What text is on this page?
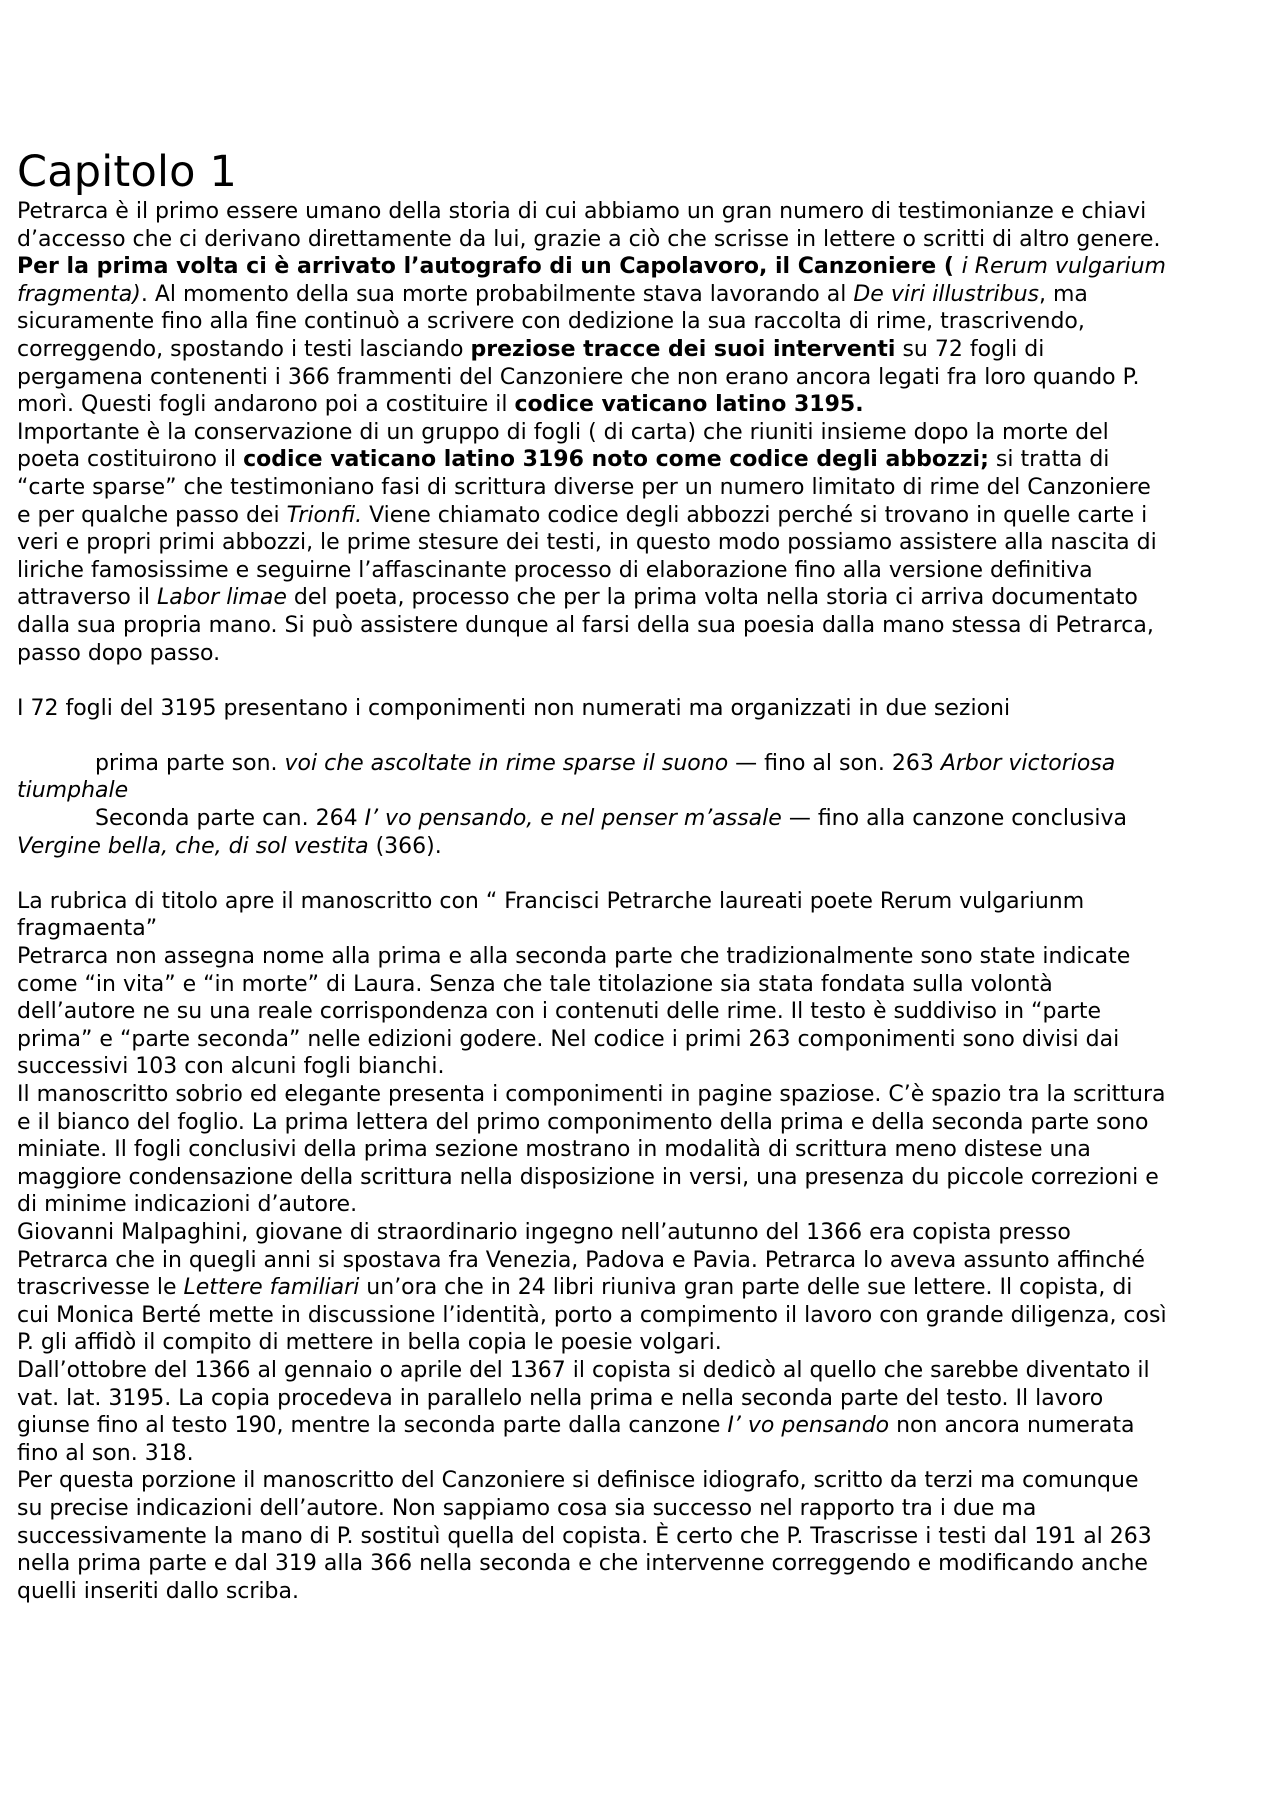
Capitolo 1

Petrarca è il primo essere umano della storia di cui abbiamo un gran numero di testimonianze e chiavi d’accesso che ci derivano direttamente da lui, grazie a ciò che scrisse in lettere o scritti di altro genere. Per la prima volta ci è arrivato l’autografo di un Capolavoro, il Canzoniere ( i Rerum vulgarium fragmenta). Al momento della sua morte probabilmente stava lavorando al De viri illustribus, ma sicuramente fino alla fine continuò a scrivere con dedizione la sua raccolta di rime, trascrivendo, correggendo, spostando i testi lasciando preziose tracce dei suoi interventi su 72 fogli di pergamena contenenti i 366 frammenti del Canzoniere che non erano ancora legati fra loro quando P. morì. Questi fogli andarono poi a costituire il codice vaticano latino 3195.

Importante è la conservazione di un gruppo di fogli ( di carta) che riuniti insieme dopo la morte del poeta costituirono il codice vaticano latino 3196 noto come codice degli abbozzi; si tratta di “carte sparse” che testimoniano fasi di scrittura diverse per un numero limitato di rime del Canzoniere e per qualche passo dei Trionfi. Viene chiamato codice degli abbozzi perché si trovano in quelle carte i veri e propri primi abbozzi, le prime stesure dei testi, in questo modo possiamo assistere alla nascita di liriche famosissime e seguirne l’affascinante processo di elaborazione fino alla versione definitiva attraverso il Labor limae del poeta, processo che per la prima volta nella storia ci arriva documentato dalla sua propria mano. Si può assistere dunque al farsi della sua poesia dalla mano stessa di Petrarca, passo dopo passo.

I 72 fogli del 3195 presentano i componimenti non numerati ma organizzati in due sezioni

prima parte son. voi che ascoltate in rime sparse il suono — fino al son. 263 Arbor victoriosa tiumphale

Seconda parte can. 264 I’ vo pensando, e nel penser m’assale — fino alla canzone conclusiva Vergine bella, che, di sol vestita (366).

La rubrica di titolo apre il manoscritto con “ Francisci Petrarche laureati poete Rerum vulgariunm fragmaenta”

Petrarca non assegna nome alla prima e alla seconda parte che tradizionalmente sono state indicate come “in vita” e “in morte” di Laura. Senza che tale titolazione sia stata fondata sulla volontà dell’autore ne su una reale corrispondenza con i contenuti delle rime. Il testo è suddiviso in “parte prima” e “parte seconda” nelle edizioni godere. Nel codice i primi 263 componimenti sono divisi dai successivi 103 con alcuni fogli bianchi.

Il manoscritto sobrio ed elegante presenta i componimenti in pagine spaziose. C’è spazio tra la scrittura e il bianco del foglio. La prima lettera del primo componimento della prima e della seconda parte sono miniate. Il fogli conclusivi della prima sezione mostrano in modalità di scrittura meno distese una maggiore condensazione della scrittura nella disposizione in versi, una presenza du piccole correzioni e di minime indicazioni d’autore.

Giovanni Malpaghini, giovane di straordinario ingegno nell’autunno del 1366 era copista presso Petrarca che in quegli anni si spostava fra Venezia, Padova e Pavia. Petrarca lo aveva assunto affinché trascrivesse le Lettere familiari un’ora che in 24 libri riuniva gran parte delle sue lettere. Il copista, di cui Monica Berté mette in discussione l’identità, porto a compimento il lavoro con grande diligenza, così P. gli affidò il compito di mettere in bella copia le poesie volgari.

Dall’ottobre del 1366 al gennaio o aprile del 1367 il copista si dedicò al quello che sarebbe diventato il vat. lat. 3195. La copia procedeva in parallelo nella prima e nella seconda parte del testo. Il lavoro giunse fino al testo 190, mentre la seconda parte dalla canzone I’ vo pensando non ancora numerata fino al son. 318.

Per questa porzione il manoscritto del Canzoniere si definisce idiografo, scritto da terzi ma comunque su precise indicazioni dell’autore. Non sappiamo cosa sia successo nel rapporto tra i due ma successivamente la mano di P. sostituì quella del copista. È certo che P. Trascrisse i testi dal 191 al 263 nella prima parte e dal 319 alla 366 nella seconda e che intervenne correggendo e modificando anche quelli inseriti dallo scriba.
